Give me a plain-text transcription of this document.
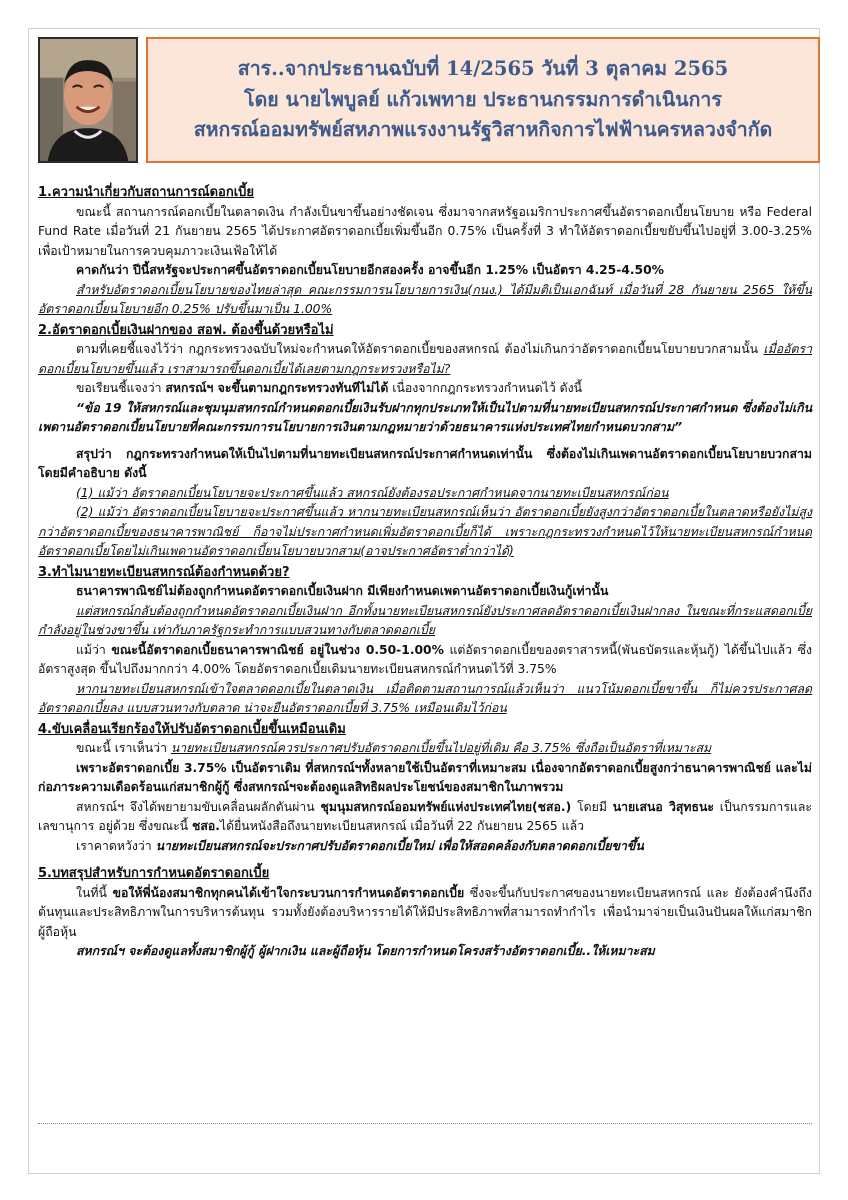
สาร..จากประธานฉบับที่ 14/2565 วันที่ 3 ตุลาคม 2565
โดย นายไพบูลย์ แก้วเพทาย ประธานกรรมการดำเนินการ
สหกรณ์ออมทรัพย์สหภาพแรงงานรัฐวิสาหกิจการไฟฟ้านครหลวงจำกัด
1.ความนำเกี่ยวกับสถานการณ์ดอกเบี้ย

ขณะนี้ สถานการณ์ดอกเบี้ยในตลาดเงิน กำลังเป็นขาขึ้นอย่างชัดเจน ซึ่งมาจากสหรัฐอเมริกาประกาศขึ้นอัตราดอกเบี้ยนโยบาย หรือ Federal Fund Rate เมื่อวันที่ 21 กันยายน 2565 ได้ประกาศอัตราดอกเบี้ยเพิ่มขึ้นอีก 0.75% เป็นครั้งที่ 3 ทำให้อัตราดอกเบี้ยขยับขึ้นไปอยู่ที่ 3.00-3.25% เพื่อเป้าหมายในการควบคุมภาวะเงินเฟ้อให้ได้

คาดกันว่า ปีนี้สหรัฐจะประกาศขึ้นอัตราดอกเบี้ยนโยบายอีกสองครั้ง อาจขึ้นอีก 1.25% เป็นอัตรา 4.25-4.50%

สำหรับอัตราดอกเบี้ยนโยบายของไทยล่าสุด คณะกรรมการนโยบายการเงิน(กนง.) ได้มีมติเป็นเอกฉันท์ เมื่อวันที่ 28 กันยายน 2565 ให้ขึ้นอัตราดอกเบี้ยนโยบายอีก 0.25% ปรับขึ้นมาเป็น 1.00%

2.อัตราดอกเบี้ยเงินฝากของ สอฟ. ต้องขึ้นด้วยหรือไม่

ตามที่เคยชี้แจงไว้ว่า กฎกระทรวงฉบับใหม่จะกำหนดให้อัตราดอกเบี้ยของสหกรณ์ ต้องไม่เกินกว่าอัตราดอกเบี้ยนโยบายบวกสามนั้น เมื่ออัตราดอกเบี้ยนโยบายขึ้นแล้ว เราสามารถขึ้นดอกเบี้ยได้เลยตามกฎกระทรวงหรือไม่?

ขอเรียนชี้แจงว่า สหกรณ์ฯ จะขึ้นตามกฎกระทรวงทันทีไม่ได้ เนื่องจากกฎกระทรวงกำหนดไว้ ดังนี้

“ข้อ 19 ให้สหกรณ์และชุมนุมสหกรณ์กำหนดดอกเบี้ยเงินรับฝากทุกประเภทให้เป็นไปตามที่นายทะเบียนสหกรณ์ประกาศกำหนด ซึ่งต้องไม่เกินเพดานอัตราดอกเบี้ยนโยบายที่คณะกรรมการนโยบายการเงินตามกฎหมายว่าด้วยธนาคารแห่งประเทศไทยกำหนดบวกสาม”

สรุปว่า กฎกระทรวงกำหนดให้เป็นไปตามที่นายทะเบียนสหกรณ์ประกาศกำหนดเท่านั้น ซึ่งต้องไม่เกินเพดานอัตราดอกเบี้ยนโยบายบวกสาม โดยมีคำอธิบาย ดังนี้

(1) แม้ว่า อัตราดอกเบี้ยนโยบายจะประกาศขึ้นแล้ว สหกรณ์ยังต้องรอประกาศกำหนดจากนายทะเบียนสหกรณ์ก่อน

(2) แม้ว่า อัตราดอกเบี้ยนโยบายจะประกาศขึ้นแล้ว หากนายทะเบียนสหกรณ์เห็นว่า อัตราดอกเบี้ยยังสูงกว่าอัตราดอกเบี้ยในตลาดหรือยังไม่สูงกว่าอัตราดอกเบี้ยของธนาคารพาณิชย์ ก็อาจไม่ประกาศกำหนดเพิ่มอัตราดอกเบี้ยก็ได้ เพราะกฎกระทรวงกำหนดไว้ให้นายทะเบียนสหกรณ์กำหนดอัตราดอกเบี้ยโดยไม่เกินเพดานอัตราดอกเบี้ยนโยบายบวกสาม(อาจประกาศอัตราต่ำกว่าได้)

3.ทำไมนายทะเบียนสหกรณ์ต้องกำหนดด้วย?

ธนาคารพาณิชย์ไม่ต้องถูกกำหนดอัตราดอกเบี้ยเงินฝาก มีเพียงกำหนดเพดานอัตราดอกเบี้ยเงินกู้เท่านั้น

แต่สหกรณ์กลับต้องถูกกำหนดอัตราดอกเบี้ยเงินฝาก อีกทั้งนายทะเบียนสหกรณ์ยังประกาศลดอัตราดอกเบี้ยเงินฝากลง ในขณะที่กระแสดอกเบี้ยกำลังอยู่ในช่วงขาขึ้น เท่ากับภาครัฐกระทำการแบบสวนทางกับตลาดดอกเบี้ย

แม้ว่า ขณะนี้อัตราดอกเบี้ยธนาคารพาณิชย์ อยู่ในช่วง 0.50-1.00% แต่อัตราดอกเบี้ยของตราสารหนี้(พันธบัตรและหุ้นกู้) ได้ขึ้นไปแล้ว ซึ่งอัตราสูงสุด ขึ้นไปถึงมากกว่า 4.00% โดยอัตราดอกเบี้ยเดิมนายทะเบียนสหกรณ์กำหนดไว้ที่ 3.75%

หากนายทะเบียนสหกรณ์เข้าใจตลาดดอกเบี้ยในตลาดเงิน เมื่อติดตามสถานการณ์แล้วเห็นว่า แนวโน้มดอกเบี้ยขาขึ้น ก็ไม่ควรประกาศลดอัตราดอกเบี้ยลง แบบสวนทางกับตลาด น่าจะยืนอัตราดอกเบี้ยที่ 3.75% เหมือนเดิมไว้ก่อน

4.ขับเคลื่อนเรียกร้องให้ปรับอัตราดอกเบี้ยขึ้นเหมือนเดิม

ขณะนี้ เราเห็นว่า นายทะเบียนสหกรณ์ควรประกาศปรับอัตราดอกเบี้ยขึ้นไปอยู่ที่เดิม คือ 3.75% ซึ่งถือเป็นอัตราที่เหมาะสม

เพราะอัตราดอกเบี้ย 3.75% เป็นอัตราเดิม ที่สหกรณ์ฯทั้งหลายใช้เป็นอัตราที่เหมาะสม เนื่องจากอัตราดอกเบี้ยสูงกว่าธนาคารพาณิชย์ และไม่ก่อภาระความเดือดร้อนแก่สมาชิกผู้กู้ ซึ่งสหกรณ์ฯจะต้องดูแลสิทธิผลประโยชน์ของสมาชิกในภาพรวม

สหกรณ์ฯ จึงได้พยายามขับเคลื่อนผลักดันผ่าน ชุมนุมสหกรณ์ออมทรัพย์แห่งประเทศไทย(ชสอ.) โดยมี นายเสนอ วิสุทธนะ เป็นกรรมการและเลขานุการ อยู่ด้วย ซึ่งขณะนี้ ชสอ.ได้ยื่นหนังสือถึงนายทะเบียนสหกรณ์ เมื่อวันที่ 22 กันยายน 2565 แล้ว

เราคาดหวังว่า นายทะเบียนสหกรณ์จะประกาศปรับอัตราดอกเบี้ยใหม่ เพื่อให้สอดคล้องกับตลาดดอกเบี้ยขาขึ้น

5.บทสรุปสำหรับการกำหนดอัตราดอกเบี้ย

ในที่นี้ ขอให้พี่น้องสมาชิกทุกคนได้เข้าใจกระบวนการกำหนดอัตราดอกเบี้ย ซึ่งจะขึ้นกับประกาศของนายทะเบียนสหกรณ์ และ ยังต้องคำนึงถึงต้นทุนและประสิทธิภาพในการบริหารต้นทุน รวมทั้งยังต้องบริหารรายได้ให้มีประสิทธิภาพที่สามารถทำกำไร เพื่อนำมาจ่ายเป็นเงินปันผลให้แก่สมาชิกผู้ถือหุ้น

สหกรณ์ฯ จะต้องดูแลทั้งสมาชิกผู้กู้ ผู้ฝากเงิน และผู้ถือหุ้น โดยการกำหนดโครงสร้างอัตราดอกเบี้ย..ให้เหมาะสม
